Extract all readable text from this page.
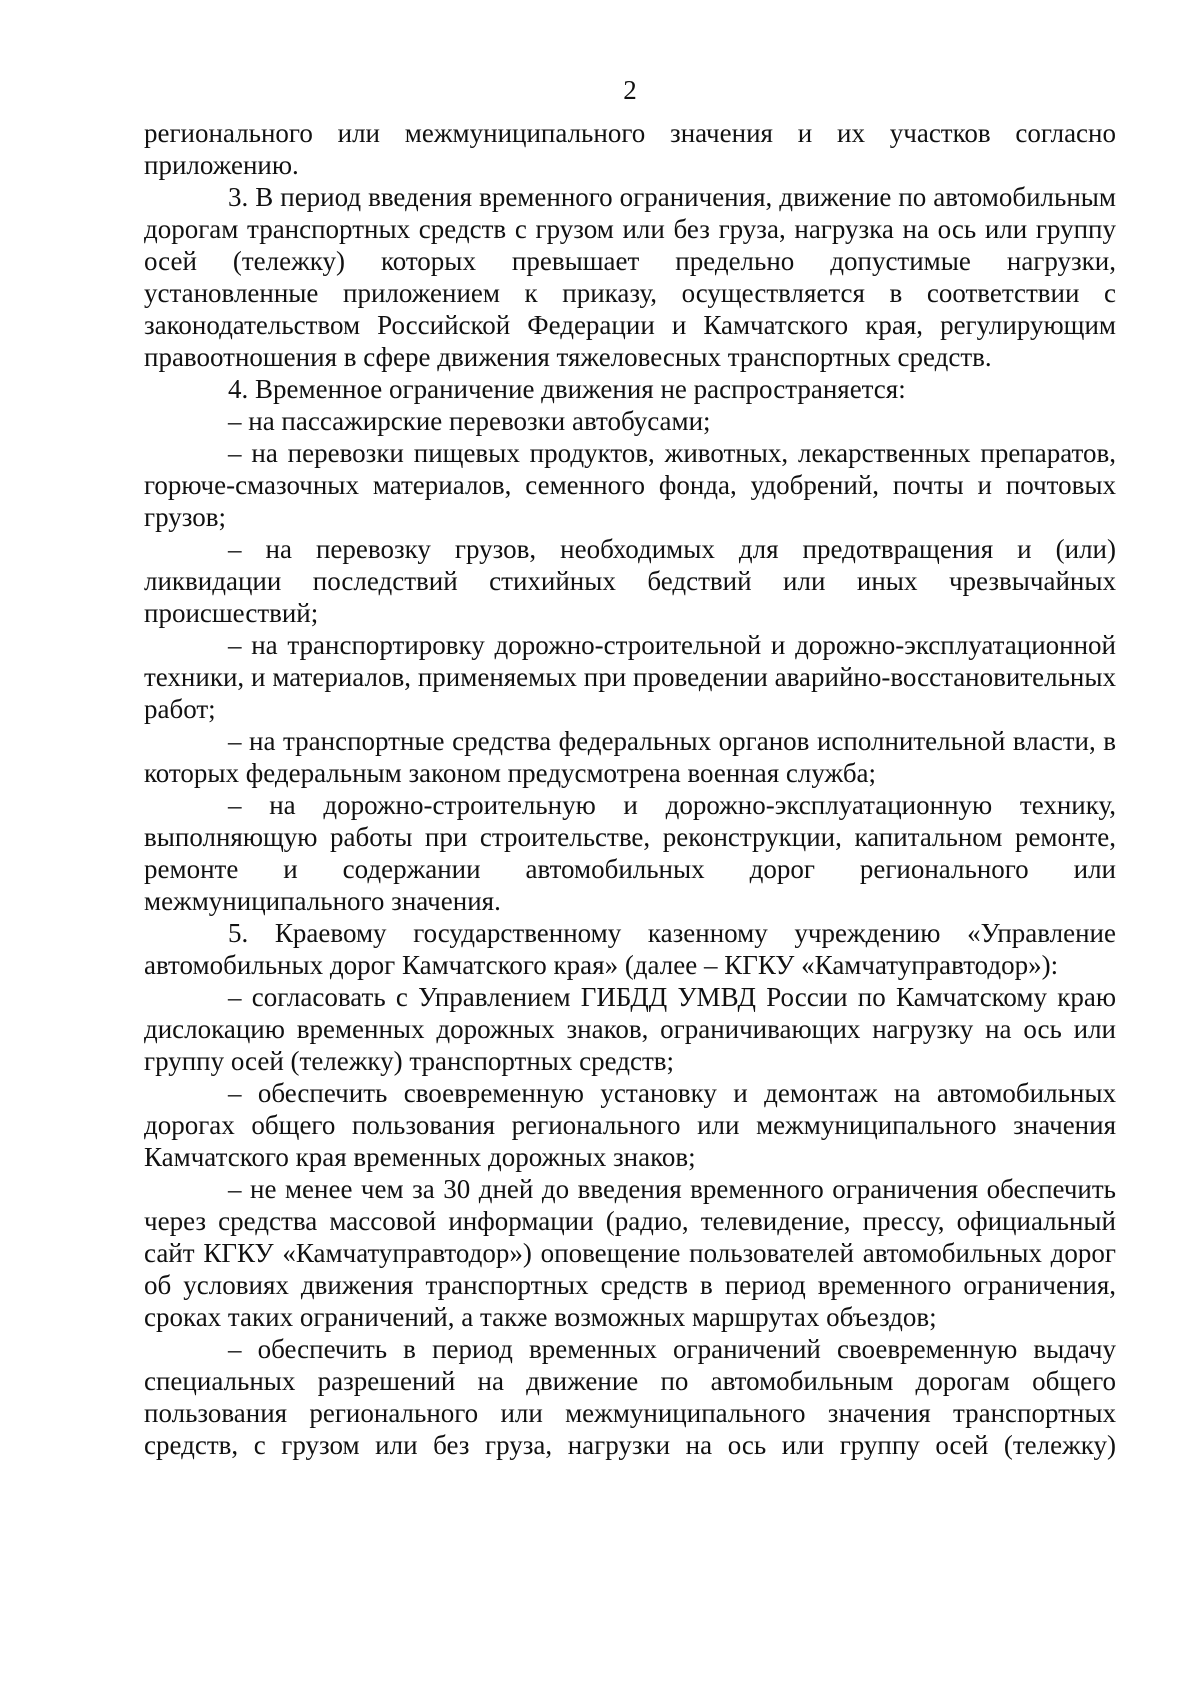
2

регионального или межмуниципального значения и их участков согласно приложению.

3. В период введения временного ограничения, движение по автомобильным дорогам транспортных средств с грузом или без груза, нагрузка на ось или группу осей (тележку) которых превышает предельно допустимые нагрузки, установленные приложением к приказу, осуществляется в соответствии с законодательством Российской Федерации и Камчатского края, регулирующим правоотношения в сфере движения тяжеловесных транспортных средств.

4. Временное ограничение движения не распространяется:

– на пассажирские перевозки автобусами;

– на перевозки пищевых продуктов, животных, лекарственных препаратов, горюче-смазочных материалов, семенного фонда, удобрений, почты и почтовых грузов;

– на перевозку грузов, необходимых для предотвращения и (или) ликвидации последствий стихийных бедствий или иных чрезвычайных происшествий;

– на транспортировку дорожно-строительной и дорожно-эксплуатационной техники, и материалов, применяемых при проведении аварийно-восстановительных работ;

– на транспортные средства федеральных органов исполнительной власти, в которых федеральным законом предусмотрена военная служба;

– на дорожно-строительную и дорожно-эксплуатационную технику, выполняющую работы при строительстве, реконструкции, капитальном ремонте, ремонте и содержании автомобильных дорог регионального или межмуниципального значения.

5. Краевому государственному казенному учреждению «Управление автомобильных дорог Камчатского края» (далее – КГКУ «Камчатуправтодор»):

– согласовать с Управлением ГИБДД УМВД России по Камчатскому краю дислокацию временных дорожных знаков, ограничивающих нагрузку на ось или группу осей (тележку) транспортных средств;

– обеспечить своевременную установку и демонтаж на автомобильных дорогах общего пользования регионального или межмуниципального значения Камчатского края временных дорожных знаков;

– не менее чем за 30 дней до введения временного ограничения обеспечить через средства массовой информации (радио, телевидение, прессу, официальный сайт КГКУ «Камчатуправтодор») оповещение пользователей автомобильных дорог об условиях движения транспортных средств в период временного ограничения, сроках таких ограничений, а также возможных маршрутах объездов;

– обеспечить в период временных ограничений своевременную выдачу специальных разрешений на движение по автомобильным дорогам общего пользования регионального или межмуниципального значения транспортных средств, с грузом или без груза, нагрузки на ось или группу осей (тележку)
